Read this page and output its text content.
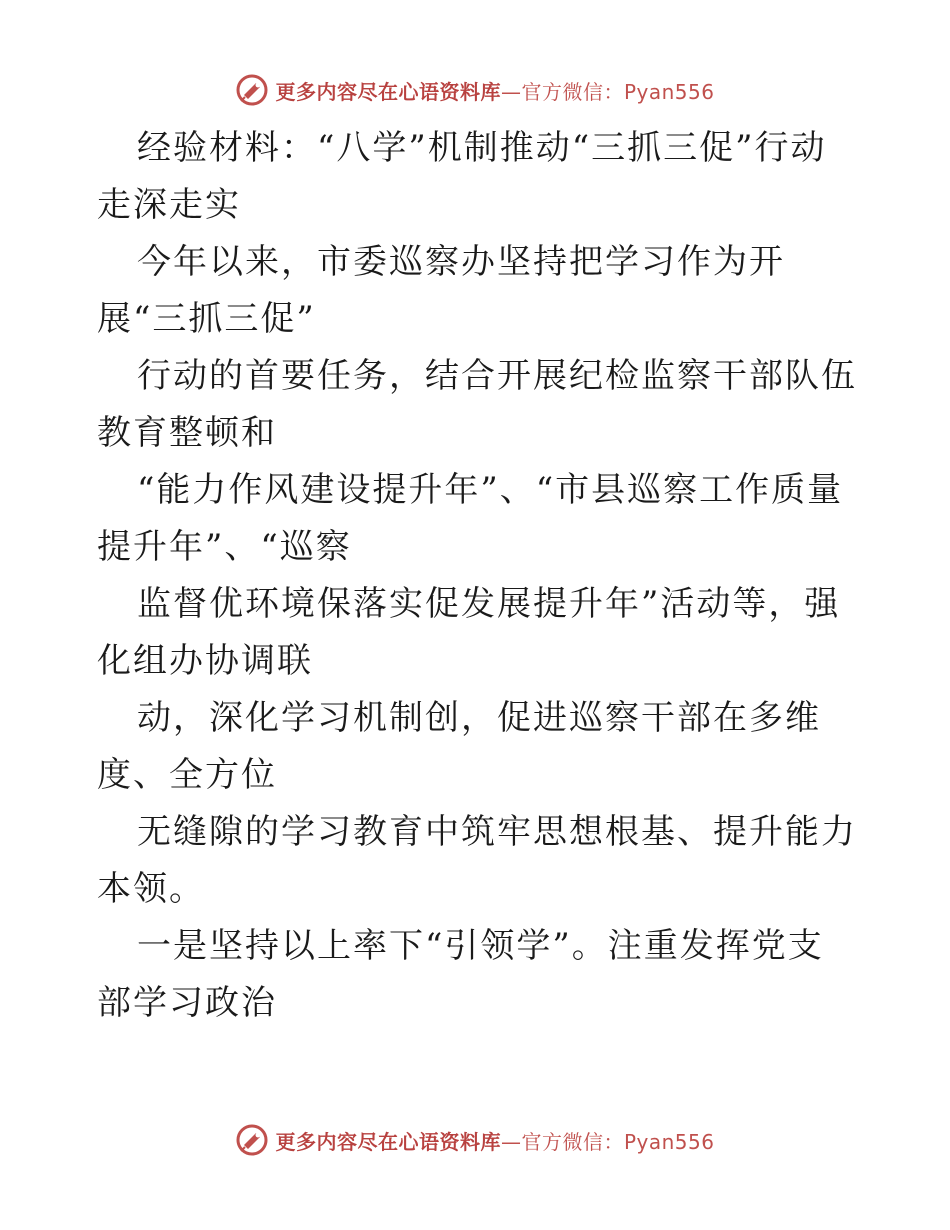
更多内容尽在心语资料库—官方微信：Pyan556

经验材料：“八学”机制推动“三抓三促”行动走深走实

今年以来，市委巡察办坚持把学习作为开展“三抓三促”

行动的首要任务，结合开展纪检监察干部队伍教育整顿和

“能力作风建设提升年”、“市县巡察工作质量提升年”、“巡察

监督优环境保落实促发展提升年”活动等，强化组办协调联

动，深化学习机制创，促进巡察干部在多维度、全方位

无缝隙的学习教育中筑牢思想根基、提升能力本领。

一是坚持以上率下“引领学”。注重发挥党支部学习政治

更多内容尽在心语资料库—官方微信：Pyan556
